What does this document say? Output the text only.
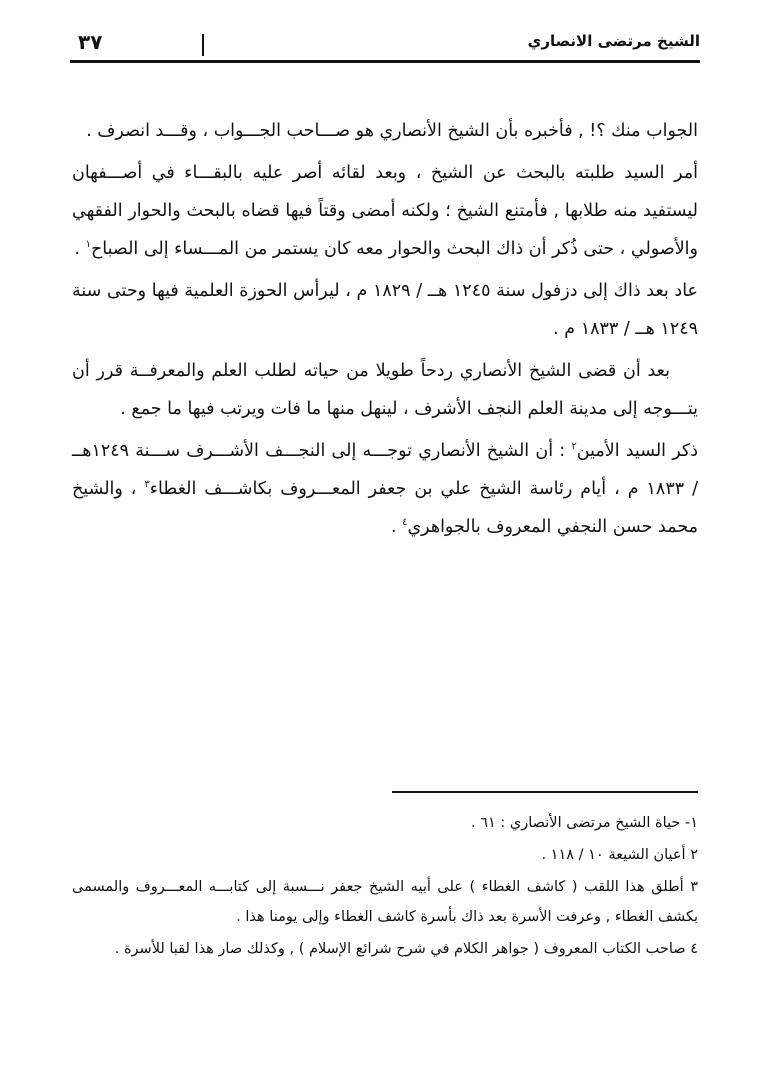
الشيخ مرتضى الانصاري
٣٧

الجواب منك ؟! , فأخبره بأن الشيخ الأنصاري هو صـــاحب الجـــواب ، وقـــد انصرف .

أمر السيد طلبته بالبحث عن الشيخ ، وبعد لقائه أصر عليه بالبقـــاء في أصـــفهان ليستفيد منه طلابها , فأمتنع الشيخ ؛ ولكنه أمضى وقتاً فيها قضاه بالبحث والحوار الفقهي والأصولي ، حتى ذُكر أن ذاك البحث والحوار معه كان يستمر من المـــساء إلى الصباح$^١$ .

عاد بعد ذاك إلى دزفول سنة ١٢٤٥ هــ / ١٨٢٩ م ، ليرأس الحوزة العلمية فيها وحتى سنة ١٢٤٩ هــ / ١٨٣٣ م .

بعد أن قضى الشيخ الأنصاري ردحاً طويلا من حياته لطلب العلم والمعرفــة قرر أن يتـــوجه إلى مدينة العلم النجف الأشرف ، لينهل منها ما فات ويرتب فيها ما جمع .

ذكر السيد الأمين$^٢$ : أن الشيخ الأنصاري توجـــه إلى النجـــف الأشـــرف ســـنة ١٢٤٩هــ / ١٨٣٣ م ، أيام رئاسة الشيخ علي بن جعفر المعـــروف بكاشـــف الغطاء$^٣$ ، والشيخ محمد حسن النجفي المعروف بالجواهري$^٤$ .

١- حياة الشيخ مرتضى الأنصاري : ٦١ .

٢ أعيان الشيعة ١٠ / ١١٨ .

٣ أطلق هذا اللقب ( كاشف الغطاء ) على أبيه الشيخ جعفر نـــسبة إلى كتابـــه المعـــروف والمسمى بكشف الغطاء , وعرفت الأسرة بعد ذاك بأسرة كاشف الغطاء وإلى يومنا هذا .

٤ صاحب الكتاب المعروف ( جواهر الكلام في شرح شرائع الإسلام ) , وكذلك صار هذا لقبا للأسرة .
